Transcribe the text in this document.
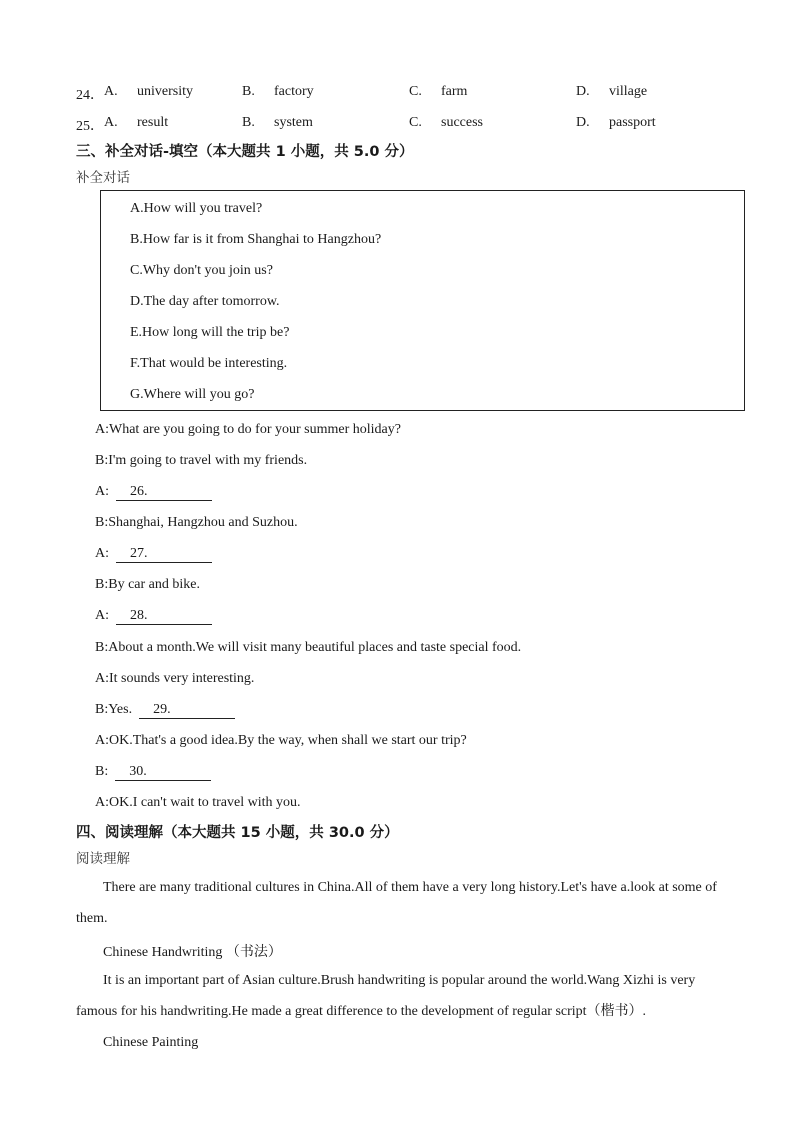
24． A. university	B. factory	C. farm	D. village
25． A. result	B. system	C. success	D. passport
三、补全对话-填空（本大题共 1 小题，共 5.0 分）
补全对话
A.How will you travel?
B.How far is it from Shanghai to Hangzhou?
C.Why don't you join us?
D.The day after tomorrow.
E.How long will the trip be?
F.That would be interesting.
G.Where will you go?
A:What are you going to do for your summer holiday?
B:I'm going to travel with my friends.
A: 26.
B:Shanghai, Hangzhou and Suzhou.
A: 27.
B:By car and bike.
A: 28.
B:About a month.We will visit many beautiful places and taste special food.
A:It sounds very interesting.
B:Yes. 29.
A:OK.That's a good idea.By the way, when shall we start our trip?
B: 30.
A:OK.I can't wait to travel with you.
四、阅读理解（本大题共 15 小题，共 30.0 分）
阅读理解
There are many traditional cultures in China.All of them have a very long history.Let's have a.look at some of them.
Chinese Handwriting （书法）
It is an important part of Asian culture.Brush handwriting is popular around the world.Wang Xizhi is very famous for his handwriting.He made a great difference to the development of regular script（楷书）.
Chinese Painting
